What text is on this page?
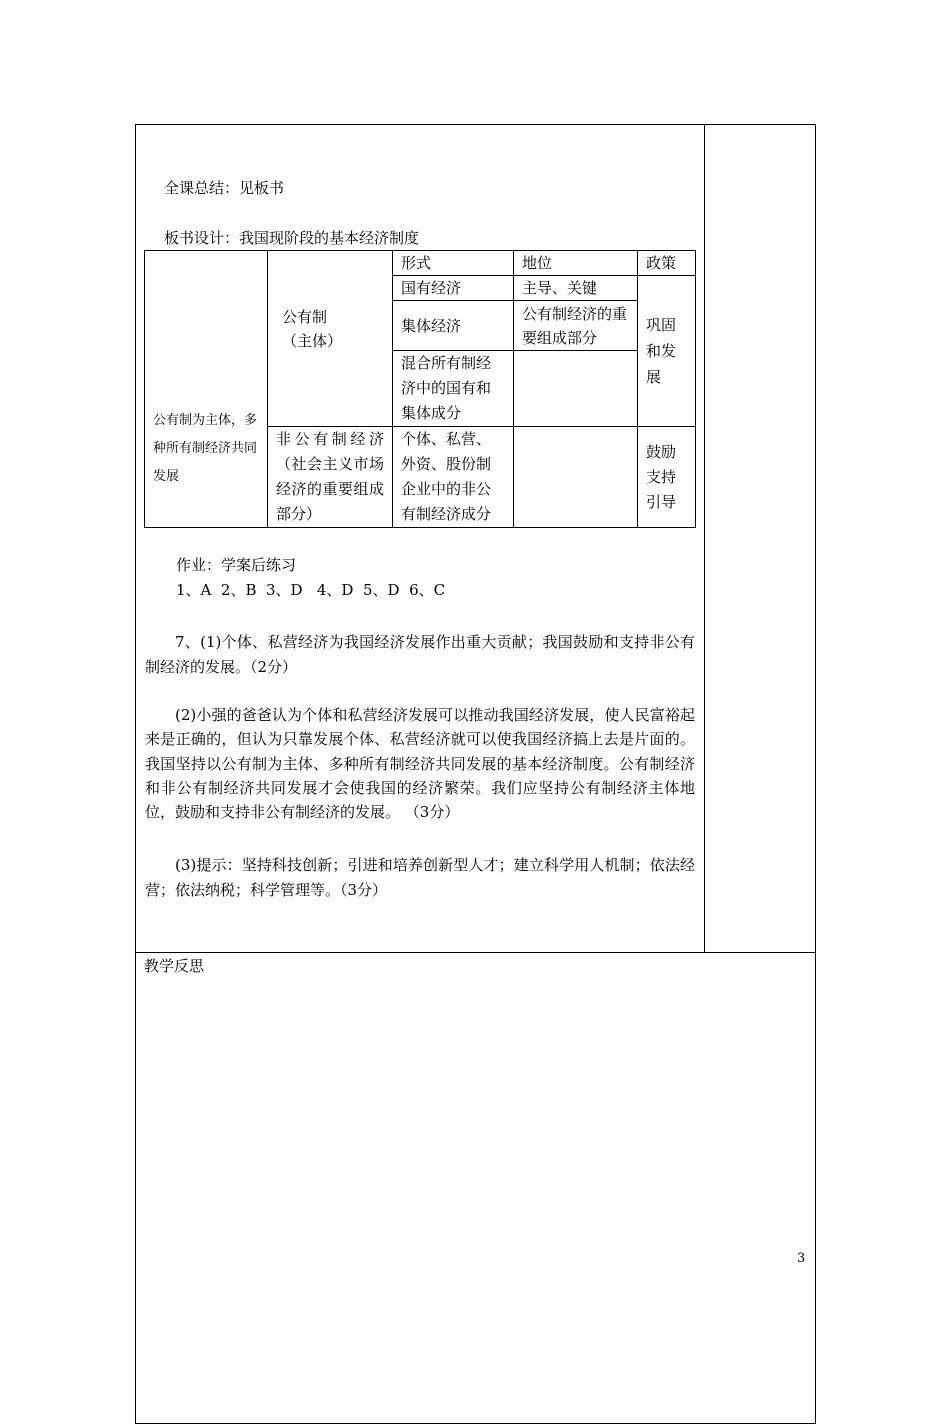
全课总结：见板书
板书设计：我国现阶段的基本经济制度
公有制为主体，多种所有制经济共同发展	公有制（主体）	形式	地位	政策
		国有经济	主导、关键	巩固和发展
		集体经济	公有制经济的重要组成部分	
		混合所有制经济中的国有和集体成分		
	非公有制经济（社会主义市场经济的重要组成部分）	个体、私营、外资、股份制企业中的非公有制经济成分		鼓励支持引导
作业：学案后练习
1、A  2、B  3、D   4、D  5、D  6、C
7、(1)个体、私营经济为我国经济发展作出重大贡献；我国鼓励和支持非公有制经济的发展。（2分）
(2)小强的爸爸认为个体和私营经济发展可以推动我国经济发展，使人民富裕起来是正确的，但认为只靠发展个体、私营经济就可以使我国经济搞上去是片面的。我国坚持以公有制为主体、多种所有制经济共同发展的基本经济制度。公有制经济和非公有制经济共同发展才会使我国的经济繁荣。我们应坚持公有制经济主体地位，鼓励和支持非公有制经济的发展。 （3分）
(3)提示：坚持科技创新；引进和培养创新型人才；建立科学用人机制；依法经营；依法纳税；科学管理等。（3分）
教学反思
3
